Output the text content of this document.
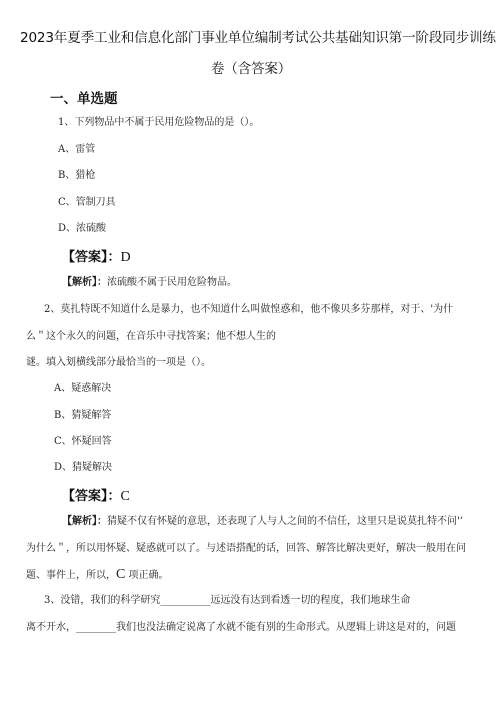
2023年夏季工业和信息化部门事业单位编制考试公共基础知识第一阶段同步训练
卷（含答案）
一、单选题
1、下列物品中不属于民用危险物品的是（）。
A、雷管
B、猎枪
C、管制刀具
D、浓硫酸
【答案】：D
【解析】：浓硫酸不属于民用危险物品。
2、莫扎特既不知道什么是暴力，也不知道什么叫做惶惑和，他不像贝多芬那样，对于、'为什
么＂这个永久的问题，在音乐中寻找答案；他不想人生的
谜。填入划横线部分最恰当的一项是（）。
A、疑惑解决
B、猜疑解答
C、怀疑回答
D、猜疑解决
【答案】：C
【解析】：猜疑不仅有怀疑的意思，还表现了人与人之间的不信任，这里只是说莫扎特不问'‘
为什么＂，所以用怀疑、疑惑就可以了。与述语搭配的话，回答、解答比解决更好，解决一般用在问
题、事件上，所以，C 项正确。
3、没错，我们的科学研究__________远远没有达到看透一切的程度，我们地球生命
离不开水，________我们也没法确定说离了水就不能有别的生命形式。从逻辑上讲这是对的，问题
